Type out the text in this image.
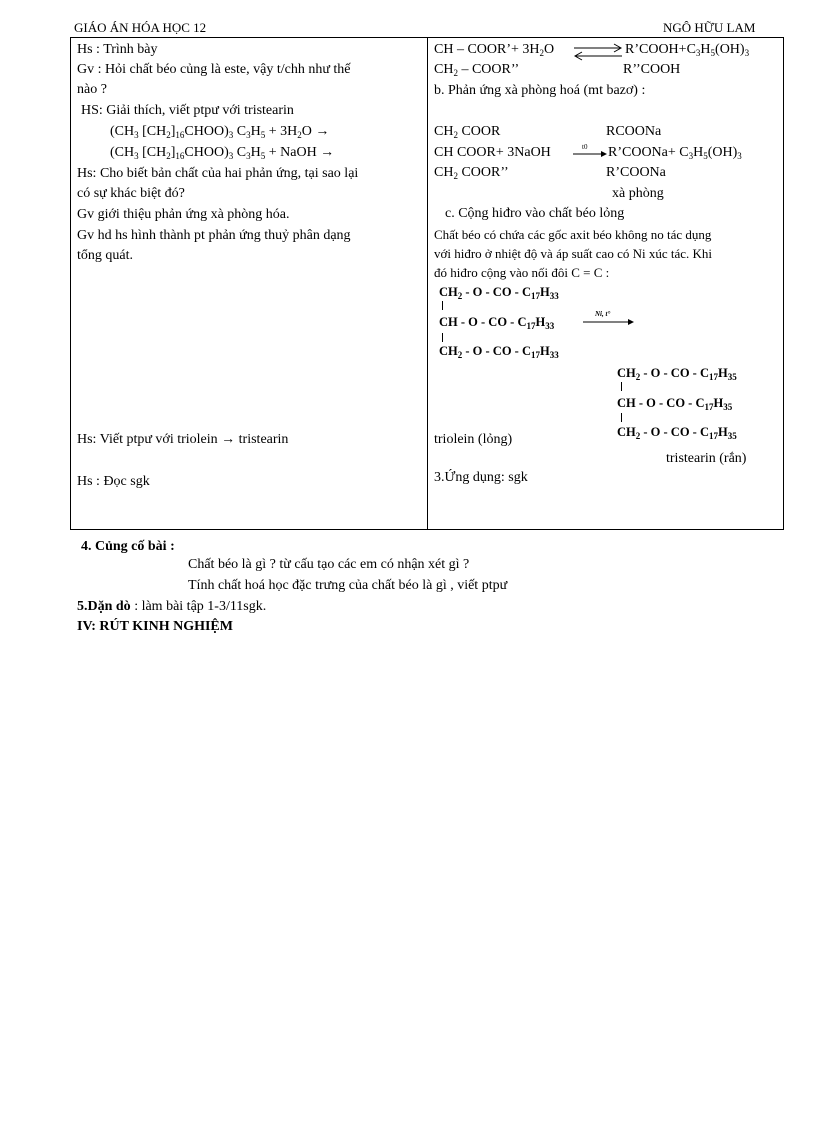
GIÁO ÁN HÓA HỌC 12	NGÔ HỮU LAM
Hs : Trình bày
Gv : Hỏi chất béo củng là este, vậy t/chh như thế
nào ?
HS: Giải thích, viết ptpư với tristearin
($CH_3$ $[CH_2]_{16}CHOO)_3$ $C_3H_5 + 3H_2O$ →
($CH_3$ $[CH_2]_{16}CHOO)_3$ $C_3H_5$ + NaOH →
Hs: Cho biết bản chất của hai phản ứng, tại sao lại
có sự khác biệt đó?
Gv giới thiệu phản ứng xà phòng hóa.
Gv hd hs hình thành pt phản ứng thuỷ phân dạng
tổng quát.
Hs: Viết ptpư với triolein → tristearin
Hs : Đọc sgk
CH – COOR’+ $3H_2O$ ⇌ $R’COOH+C_3H_5(OH)_3$
$CH_2$ – COOR’’	R’’COOH
b. Phản ứng xà phòng hoá (mt bazơ) :
$CH_2$ COOR	RCOONa
CH COOR+ 3NaOH	t0 → R’COONa+ $C_3H_5(OH)_3$
$CH_2$ COOR’’	R’COONa
xà phòng
c. Cộng hiđro vào chất béo lỏng
Chất béo có chứa các gốc axit béo không no tác dụng
với hiđro ở nhiệt độ và áp suất cao có Ni xúc tác. Khi
đó hiđro cộng vào nối đôi C = C :
$CH_2$ - O - CO - $C_{17}H_{33}$
CH - O - CO - $C_{17}H_{33}$
Ni, t°
$CH_2$ - O - CO - $C_{17}H_{33}$
$CH_2$ - O - CO - $C_{17}H_{35}$
CH - O - CO - $C_{17}H_{35}$
$CH_2$ - O - CO - $C_{17}H_{35}$
triolein (lỏng)
tristearin (rắn)
3.Ứng dụng: sgk
4. Củng cố bài :
Chất béo là gì ? từ cấu tạo các em có nhận xét gì ?
Tính chất hoá học đặc trưng của chất béo là gì , viết ptpư
5.Dặn dò : làm bài tập 1-3/11sgk.
IV: RÚT KINH NGHIỆM
